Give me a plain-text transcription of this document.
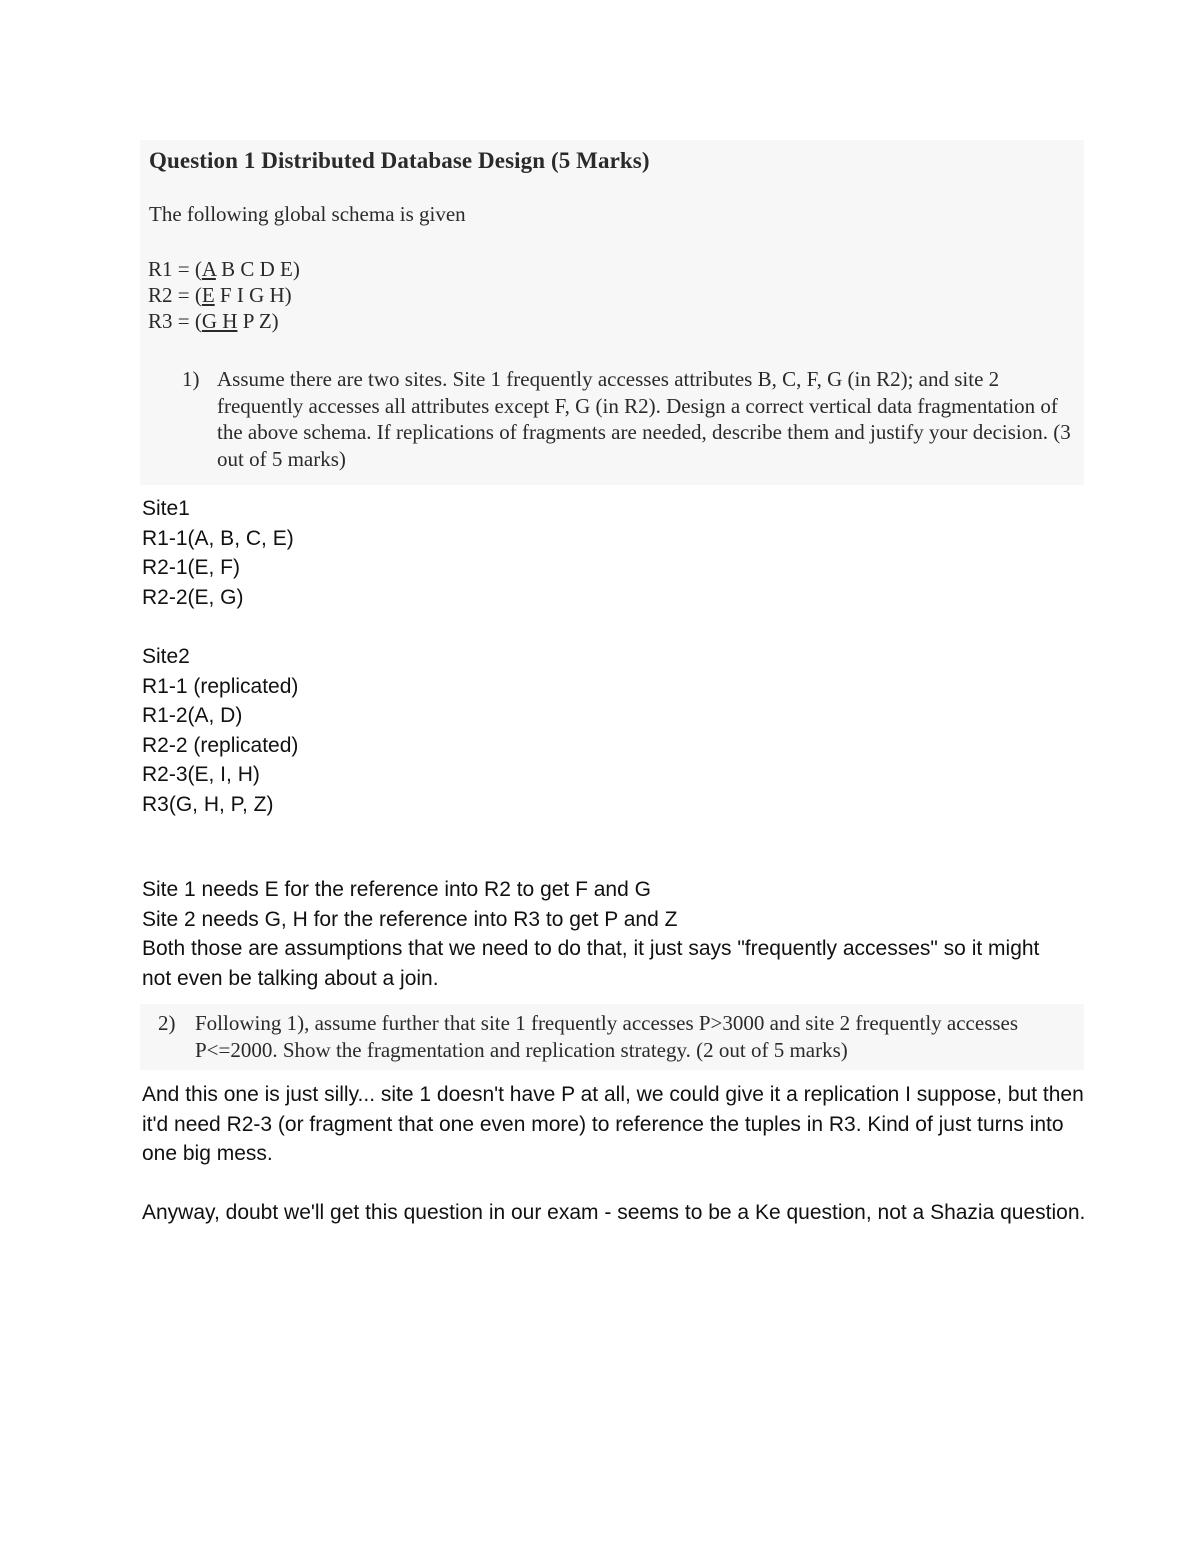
Question 1 Distributed Database Design (5 Marks)
The following global schema is given
R1 = (A B C D E)
R2 = (E F I G H)
R3 = (G H P Z)
1) Assume there are two sites. Site 1 frequently accesses attributes B, C, F, G (in R2); and site 2 frequently accesses all attributes except F, G (in R2). Design a correct vertical data fragmentation of the above schema. If replications of fragments are needed, describe them and justify your decision. (3 out of 5 marks)
Site1
R1-1(A, B, C, E)
R2-1(E, F)
R2-2(E, G)
Site2
R1-1 (replicated)
R1-2(A, D)
R2-2 (replicated)
R2-3(E, I, H)
R3(G, H, P, Z)
Site 1 needs E for the reference into R2 to get F and G
Site 2 needs G, H for the reference into R3 to get P and Z
Both those are assumptions that we need to do that, it just says "frequently accesses" so it might not even be talking about a join.
2) Following 1), assume further that site 1 frequently accesses P>3000 and site 2 frequently accesses P<=2000. Show the fragmentation and replication strategy. (2 out of 5 marks)
And this one is just silly... site 1 doesn't have P at all, we could give it a replication I suppose, but then it'd need R2-3 (or fragment that one even more) to reference the tuples in R3. Kind of just turns into one big mess.
Anyway, doubt we'll get this question in our exam - seems to be a Ke question, not a Shazia question.
